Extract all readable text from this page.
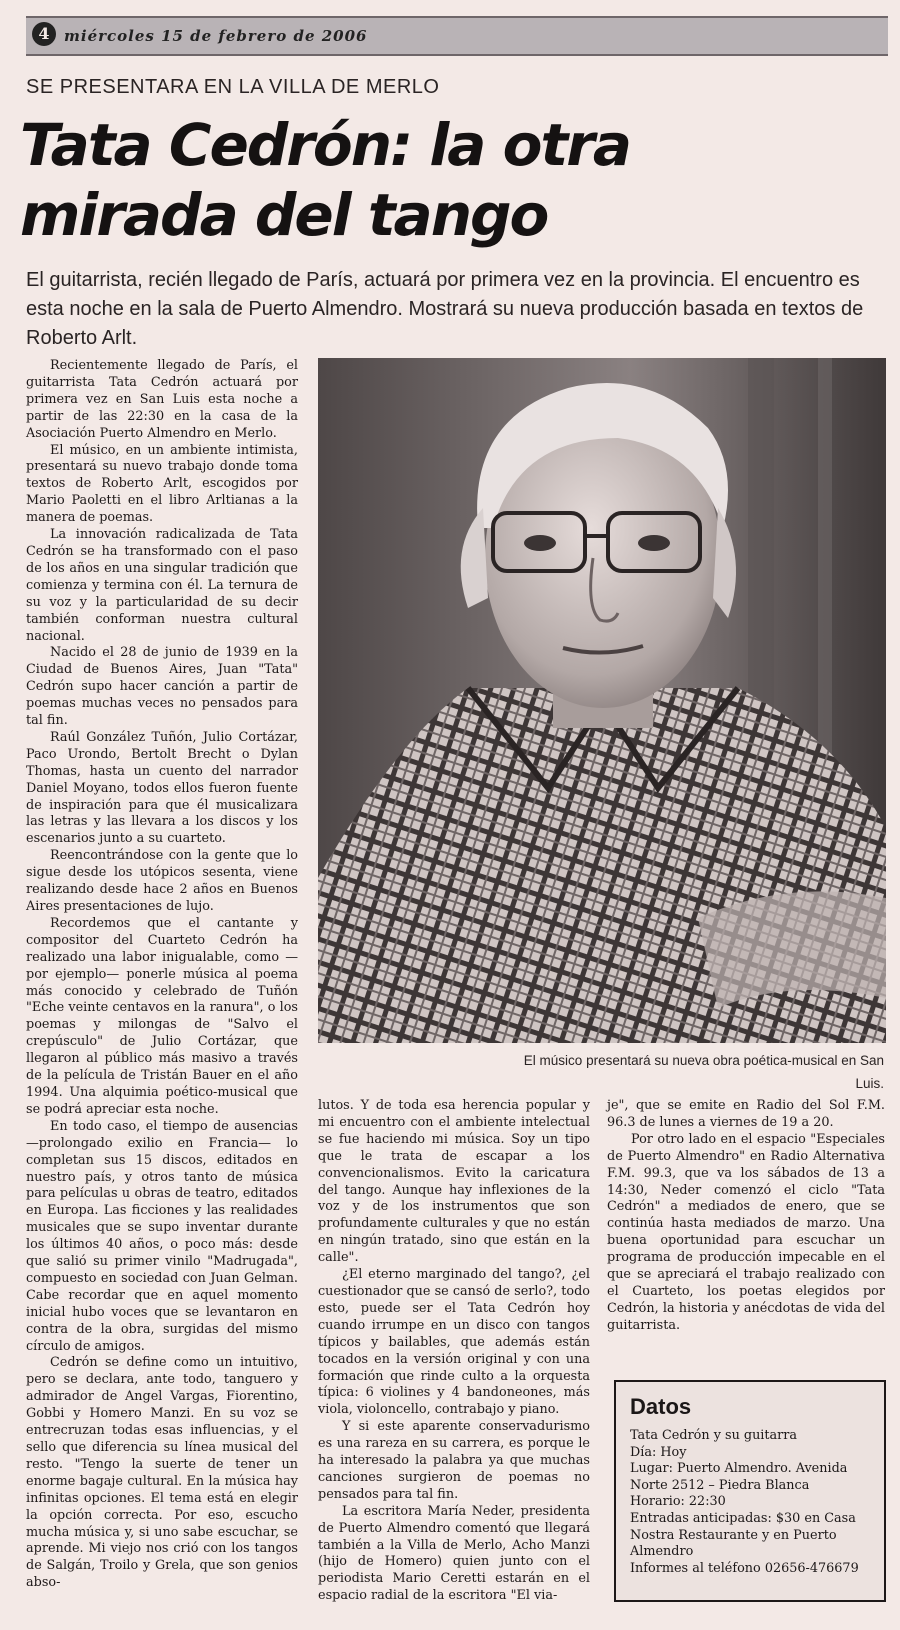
4 miércoles 15 de febrero de 2006
SE PRESENTARA EN LA VILLA DE MERLO
Tata Cedrón: la otra mirada del tango

El guitarrista, recién llegado de París, actuará por primera vez en la provincia. El encuentro es esta noche en la sala de Puerto Almendro. Mostrará su nueva producción basada en textos de Roberto Arlt.

El músico presentará su nueva obra poética-musical en San Luis.

Recientemente llegado de París, el guitarrista Tata Cedrón actuará por primera vez en San Luis esta noche a partir de las 22:30 en la casa de la Asociación Puerto Almendro en Merlo.

El músico, en un ambiente intimista, presentará su nuevo trabajo donde toma textos de Roberto Arlt, escogidos por Mario Paoletti en el libro Arltianas a la manera de poemas.

La innovación radicalizada de Tata Cedrón se ha transformado con el paso de los años en una singular tradición que comienza y termina con él. La ternura de su voz y la particularidad de su decir también conforman nuestra cultural nacional.

Nacido el 28 de junio de 1939 en la Ciudad de Buenos Aires, Juan "Tata" Cedrón supo hacer canción a partir de poemas muchas veces no pensados para tal fin.

Raúl González Tuñón, Julio Cortázar, Paco Urondo, Bertolt Brecht o Dylan Thomas, hasta un cuento del narrador Daniel Moyano, todos ellos fueron fuente de inspiración para que él musicalizara las letras y las llevara a los discos y los escenarios junto a su cuarteto.

Reencontrándose con la gente que lo sigue desde los utópicos sesenta, viene realizando desde hace 2 años en Buenos Aires presentaciones de lujo.

Recordemos que el cantante y compositor del Cuarteto Cedrón ha realizado una labor inigualable, como —por ejemplo— ponerle música al poema más conocido y celebrado de Tuñón "Eche veinte centavos en la ranura", o los poemas y milongas de "Salvo el crepúsculo" de Julio Cortázar, que llegaron al público más masivo a través de la película de Tristán Bauer en el año 1994. Una alquimia poético-musical que se podrá apreciar esta noche.

En todo caso, el tiempo de ausencias —prolongado exilio en Francia— lo completan sus 15 discos, editados en nuestro país, y otros tanto de música para películas u obras de teatro, editados en Europa. Las ficciones y las realidades musicales que se supo inventar durante los últimos 40 años, o poco más: desde que salió su primer vinilo "Madrugada", compuesto en sociedad con Juan Gelman. Cabe recordar que en aquel momento inicial hubo voces que se levantaron en contra de la obra, surgidas del mismo círculo de amigos.

Cedrón se define como un intuitivo, pero se declara, ante todo, tanguero y admirador de Angel Vargas, Fiorentino, Gobbi y Homero Manzi. En su voz se entrecruzan todas esas influencias, y el sello que diferencia su línea musical del resto. "Tengo la suerte de tener un enorme bagaje cultural. En la música hay infinitas opciones. El tema está en elegir la opción correcta. Por eso, escucho mucha música y, si uno sabe escuchar, se aprende. Mi viejo nos crió con los tangos de Salgán, Troilo y Grela, que son genios abso-

lutos. Y de toda esa herencia popular y mi encuentro con el ambiente intelectual se fue haciendo mi música. Soy un tipo que le trata de escapar a los convencionalismos. Evito la caricatura del tango. Aunque hay inflexiones de la voz y de los instrumentos que son profundamente culturales y que no están en ningún tratado, sino que están en la calle".

¿El eterno marginado del tango?, ¿el cuestionador que se cansó de serlo?, todo esto, puede ser el Tata Cedrón hoy cuando irrumpe en un disco con tangos típicos y bailables, que además están tocados en la versión original y con una formación que rinde culto a la orquesta típica: 6 violines y 4 bandoneones, más viola, violoncello, contrabajo y piano.

Y si este aparente conservadurismo es una rareza en su carrera, es porque le ha interesado la palabra ya que muchas canciones surgieron de poemas no pensados para tal fin.

La escritora María Neder, presidenta de Puerto Almendro comentó que llegará también a la Villa de Merlo, Acho Manzi (hijo de Homero) quien junto con el periodista Mario Ceretti estarán en el espacio radial de la escritora "El via-

je", que se emite en Radio del Sol F.M. 96.3 de lunes a viernes de 19 a 20.

Por otro lado en el espacio "Especiales de Puerto Almendro" en Radio Alternativa F.M. 99.3, que va los sábados de 13 a 14:30, Neder comenzó el ciclo "Tata Cedrón" a mediados de enero, que se continúa hasta mediados de marzo. Una buena oportunidad para escuchar un programa de producción impecable en el que se apreciará el trabajo realizado con el Cuarteto, los poetas elegidos por Cedrón, la historia y anécdotas de vida del guitarrista.

Datos
Tata Cedrón y su guitarra
Día: Hoy
Lugar: Puerto Almendro. Avenida Norte 2512 – Piedra Blanca
Horario: 22:30
Entradas anticipadas: $30 en Casa Nostra Restaurante y en Puerto Almendro
Informes al teléfono 02656-476679
